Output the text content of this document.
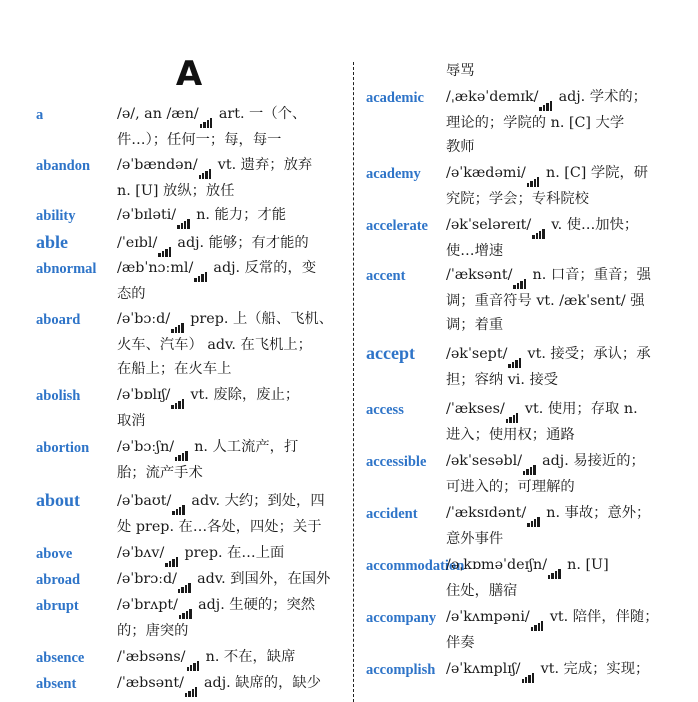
A
a	/ə/, an /æn/ art. 一（个、
件…）；任何一；每，每一
abandon /əˈbændən/ vt. 遗弃；放弃
n. [U] 放纵；放任
ability	/əˈbɪləti/ n. 能力；才能
able	/ˈeɪbl/ adj. 能够；有才能的
abnormal /æbˈnɔːml/ adj. 反常的，变
态的
aboard	/əˈbɔːd/ prep. 上（船、飞机、
火车、汽车） adv. 在飞机上；
在船上；在火车上
abolish	/əˈbɒlɪʃ/ vt. 废除，废止；
取消
abortion /əˈbɔːʃn/ n. 人工流产，打
胎；流产手术
about	/əˈbaʊt/ adv. 大约；到处，四
处 prep. 在…各处，四处；关于
above	/əˈbʌv/ prep. 在…上面
abroad	/əˈbrɔːd/ adv. 到国外，在国外
abrupt	/əˈbrʌpt/ adj. 生硬的；突然
的；唐突的
absence /ˈæbsəns/ n. 不在，缺席
absent	/ˈæbsənt/ adj. 缺席的，缺少
辱骂
academic /ˌækəˈdemɪk/ adj. 学术的；
理论的；学院的 n. [C] 大学
教师
academy /əˈkædəmi/ n. [C] 学院，研
究院；学会；专科院校
accelerate /əkˈseləreɪt/ v. 使…加快；
使…增速
accent	/ˈæksənt/ n. 口音；重音；强
调；重音符号 vt. /ækˈsent/ 强
调；着重
accept /əkˈsept/ vt. 接受；承认；承
担；容纳 vi. 接受
access	/ˈækses/ vt. 使用；存取 n.
进入；使用权；通路
accessible /əkˈsesəbl/ adj. 易接近的；
可进入的；可理解的
accident /ˈæksɪdənt/ n. 事故；意外；
意外事件
accommodation
/əˌkɒməˈdeɪʃn/ n. [U]
住处，膳宿
accompany /əˈkʌmpəni/ vt. 陪伴，伴随；
伴奏
accomplish /əˈkʌmplɪʃ/ vt. 完成；实现；
